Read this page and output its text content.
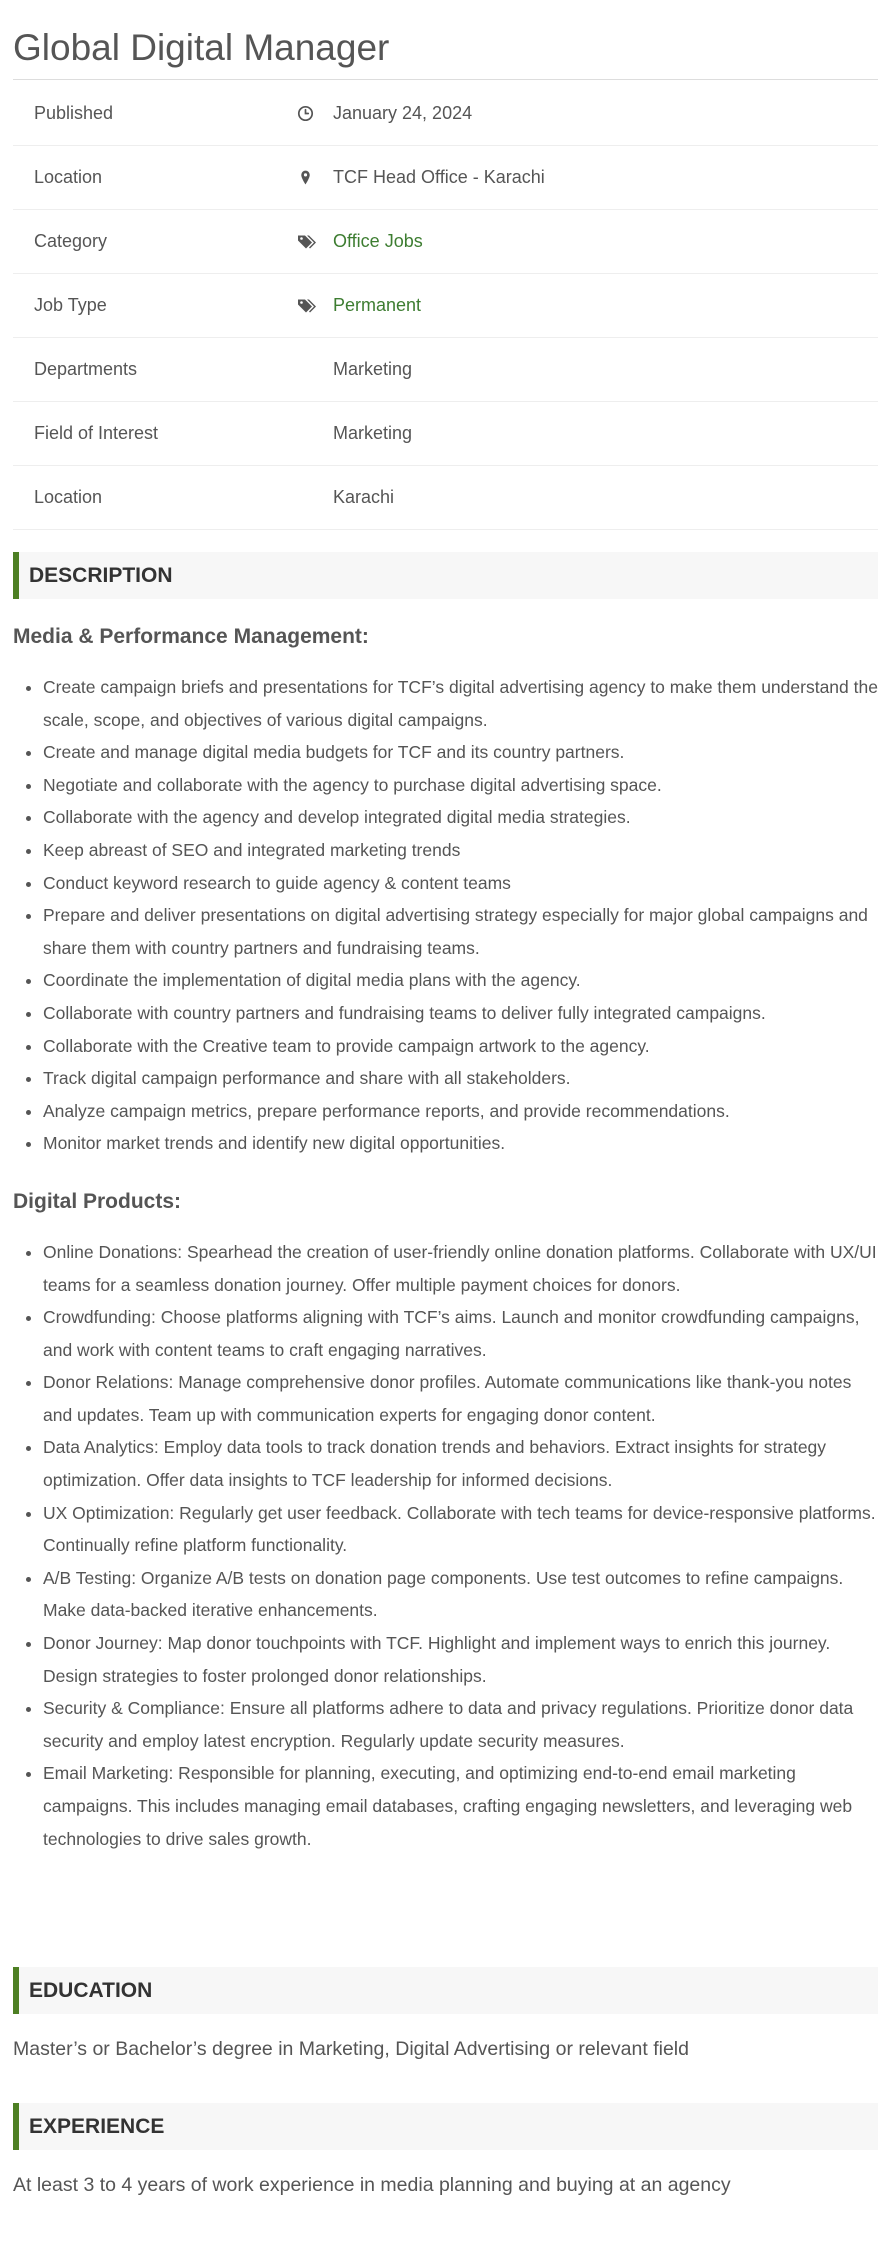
Global Digital Manager
Published		January 24, 2024
Location		TCF Head Office - Karachi
Category		Office Jobs
Job Type		Permanent
Departments		Marketing
Field of Interest		Marketing
Location		Karachi
DESCRIPTION
Media & Performance Management:
• Create campaign briefs and presentations for TCF’s digital advertising agency to make them understand the scale, scope, and objectives of various digital campaigns.
• Create and manage digital media budgets for TCF and its country partners.
• Negotiate and collaborate with the agency to purchase digital advertising space.
• Collaborate with the agency and develop integrated digital media strategies.
• Keep abreast of SEO and integrated marketing trends
• Conduct keyword research to guide agency & content teams
• Prepare and deliver presentations on digital advertising strategy especially for major global campaigns and share them with country partners and fundraising teams.
• Coordinate the implementation of digital media plans with the agency.
• Collaborate with country partners and fundraising teams to deliver fully integrated campaigns.
• Collaborate with the Creative team to provide campaign artwork to the agency.
• Track digital campaign performance and share with all stakeholders.
• Analyze campaign metrics, prepare performance reports, and provide recommendations.
• Monitor market trends and identify new digital opportunities.
Digital Products:
• Online Donations: Spearhead the creation of user-friendly online donation platforms. Collaborate with UX/UI teams for a seamless donation journey. Offer multiple payment choices for donors.
• Crowdfunding: Choose platforms aligning with TCF’s aims. Launch and monitor crowdfunding campaigns, and work with content teams to craft engaging narratives.
• Donor Relations: Manage comprehensive donor profiles. Automate communications like thank-you notes and updates. Team up with communication experts for engaging donor content.
• Data Analytics: Employ data tools to track donation trends and behaviors. Extract insights for strategy optimization. Offer data insights to TCF leadership for informed decisions.
• UX Optimization: Regularly get user feedback. Collaborate with tech teams for device-responsive platforms. Continually refine platform functionality.
• A/B Testing: Organize A/B tests on donation page components. Use test outcomes to refine campaigns. Make data-backed iterative enhancements.
• Donor Journey: Map donor touchpoints with TCF. Highlight and implement ways to enrich this journey. Design strategies to foster prolonged donor relationships.
• Security & Compliance: Ensure all platforms adhere to data and privacy regulations. Prioritize donor data security and employ latest encryption. Regularly update security measures.
• Email Marketing: Responsible for planning, executing, and optimizing end-to-end email marketing campaigns. This includes managing email databases, crafting engaging newsletters, and leveraging web technologies to drive sales growth.
EDUCATION

Master’s or Bachelor’s degree in Marketing, Digital Advertising or relevant field

EXPERIENCE

At least 3 to 4 years of work experience in media planning and buying at an agency
